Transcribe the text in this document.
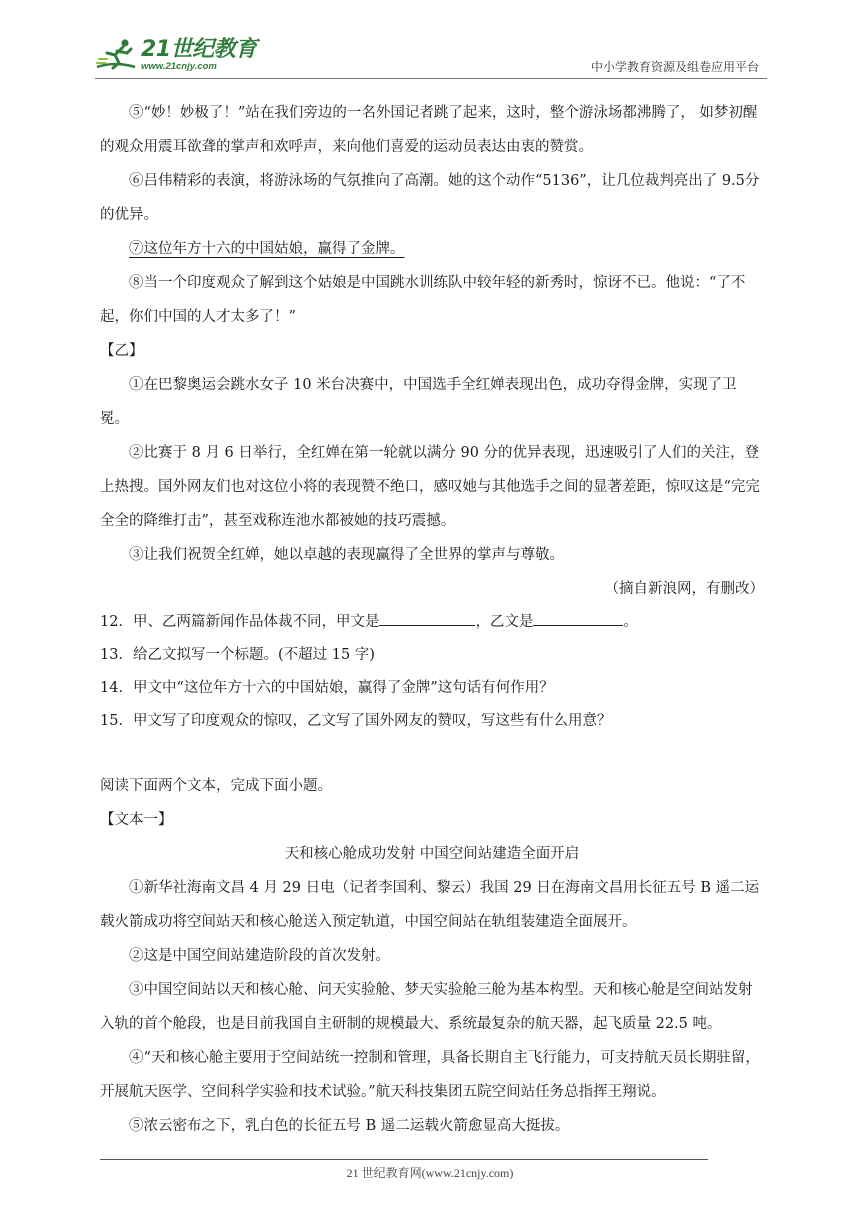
21世纪教育
www.21cnjy.com	中小学教育资源及组卷应用平台

⑤“妙！妙极了！”站在我们旁边的一名外国记者跳了起来，这时，整个游泳场都沸腾了， 如梦初醒的观众用震耳欲聋的掌声和欢呼声，来向他们喜爱的运动员表达由衷的赞赏。

⑥吕伟精彩的表演，将游泳场的气氛推向了高潮。她的这个动作“5136”，让几位裁判亮出了 9.5分的优异。

⑦这位年方十六的中国姑娘，赢得了金牌。

⑧当一个印度观众了解到这个姑娘是中国跳水训练队中较年轻的新秀时，惊讶不已。他说：“了不起，你们中国的人才太多了！”

【乙】

①在巴黎奥运会跳水女子 10 米台决赛中，中国选手全红婵表现出色，成功夺得金牌，实现了卫冕。

②比赛于 8 月 6 日举行，全红婵在第一轮就以满分 90 分的优异表现，迅速吸引了人们的关注，登上热搜。国外网友们也对这位小将的表现赞不绝口，感叹她与其他选手之间的显著差距，惊叹这是“完完全全的降维打击”，甚至戏称连池水都被她的技巧震撼。

③让我们祝贺全红婵，她以卓越的表现赢得了全世界的掌声与尊敬。

（摘自新浪网，有删改）

12．甲、乙两篇新闻作品体裁不同，甲文是	，乙文是	。

13．给乙文拟写一个标题。(不超过 15 字)

14．甲文中“这位年方十六的中国姑娘，赢得了金牌”这句话有何作用？

15．甲文写了印度观众的惊叹，乙文写了国外网友的赞叹，写这些有什么用意？

阅读下面两个文本，完成下面小题。

【文本一】

天和核心舱成功发射 中国空间站建造全面开启

①新华社海南文昌 4 月 29 日电（记者李国利、黎云）我国 29 日在海南文昌用长征五号 B 遥二运载火箭成功将空间站天和核心舱送入预定轨道，中国空间站在轨组装建造全面展开。

②这是中国空间站建造阶段的首次发射。

③中国空间站以天和核心舱、问天实验舱、梦天实验舱三舱为基本构型。天和核心舱是空间站发射入轨的首个舱段，也是目前我国自主研制的规模最大、系统最复杂的航天器，起飞质量 22.5 吨。

④“天和核心舱主要用于空间站统一控制和管理，具备长期自主飞行能力，可支持航天员长期驻留，开展航天医学、空间科学实验和技术试验。”航天科技集团五院空间站任务总指挥王翔说。

⑤浓云密布之下，乳白色的长征五号 B 遥二运载火箭愈显高大挺拔。

21 世纪教育网(www.21cnjy.com)
